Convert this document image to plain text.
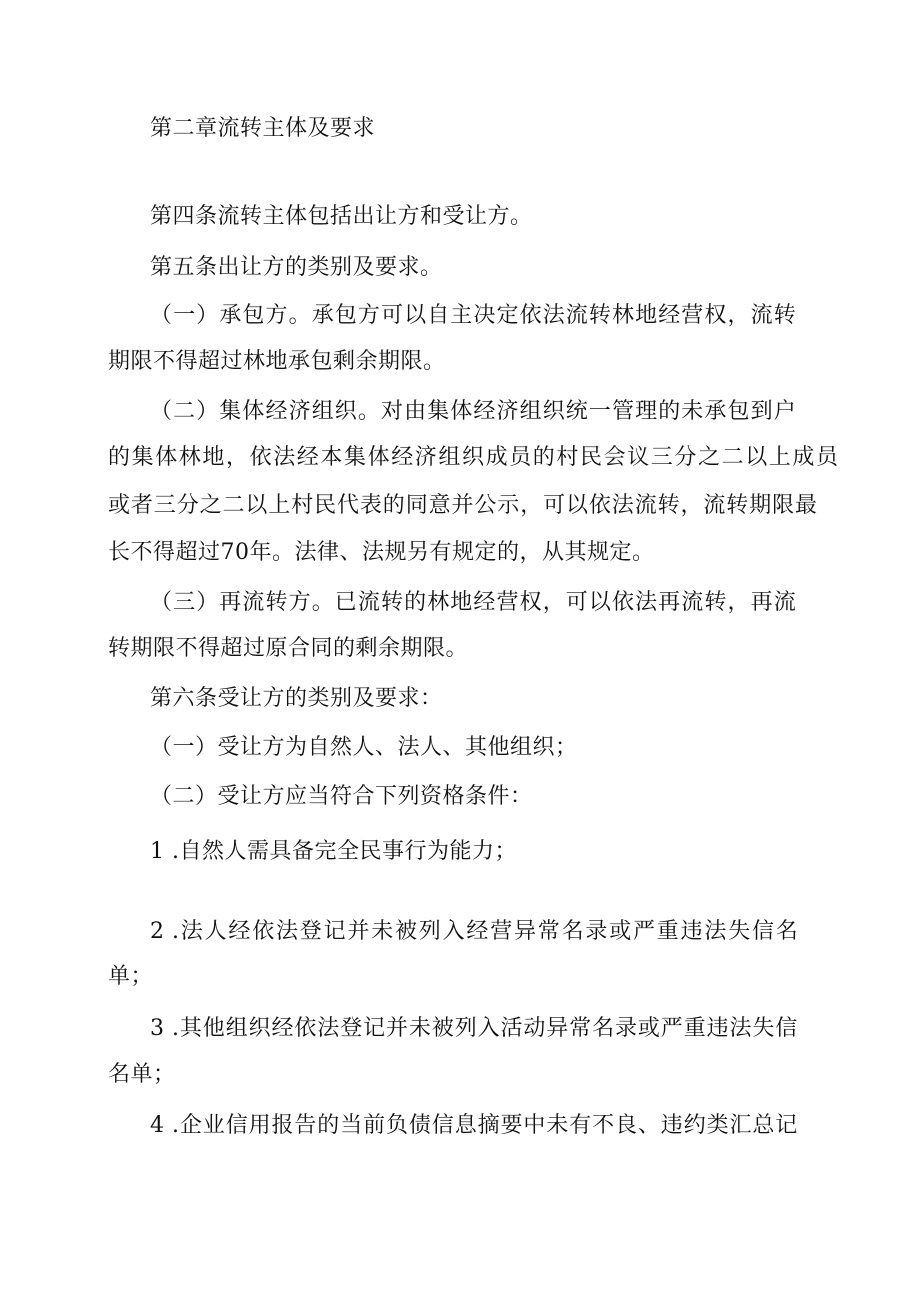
第二章流转主体及要求
第四条流转主体包括出让方和受让方。
第五条出让方的类别及要求。
（一）承包方。承包方可以自主决定依法流转林地经营权，流转
期限不得超过林地承包剩余期限。
（二）集体经济组织。对由集体经济组织统一管理的未承包到户
的集体林地，依法经本集体经济组织成员的村民会议三分之二以上成员
或者三分之二以上村民代表的同意并公示，可以依法流转，流转期限最
长不得超过70年。法律、法规另有规定的，从其规定。
（三）再流转方。已流转的林地经营权，可以依法再流转，再流
转期限不得超过原合同的剩余期限。
第六条受让方的类别及要求：
（一）受让方为自然人、法人、其他组织；
（二）受让方应当符合下列资格条件：
1 .自然人需具备完全民事行为能力；
2 .法人经依法登记并未被列入经营异常名录或严重违法失信名
单；
3 .其他组织经依法登记并未被列入活动异常名录或严重违法失信
名单；
4 .企业信用报告的当前负债信息摘要中未有不良、违约类汇总记
